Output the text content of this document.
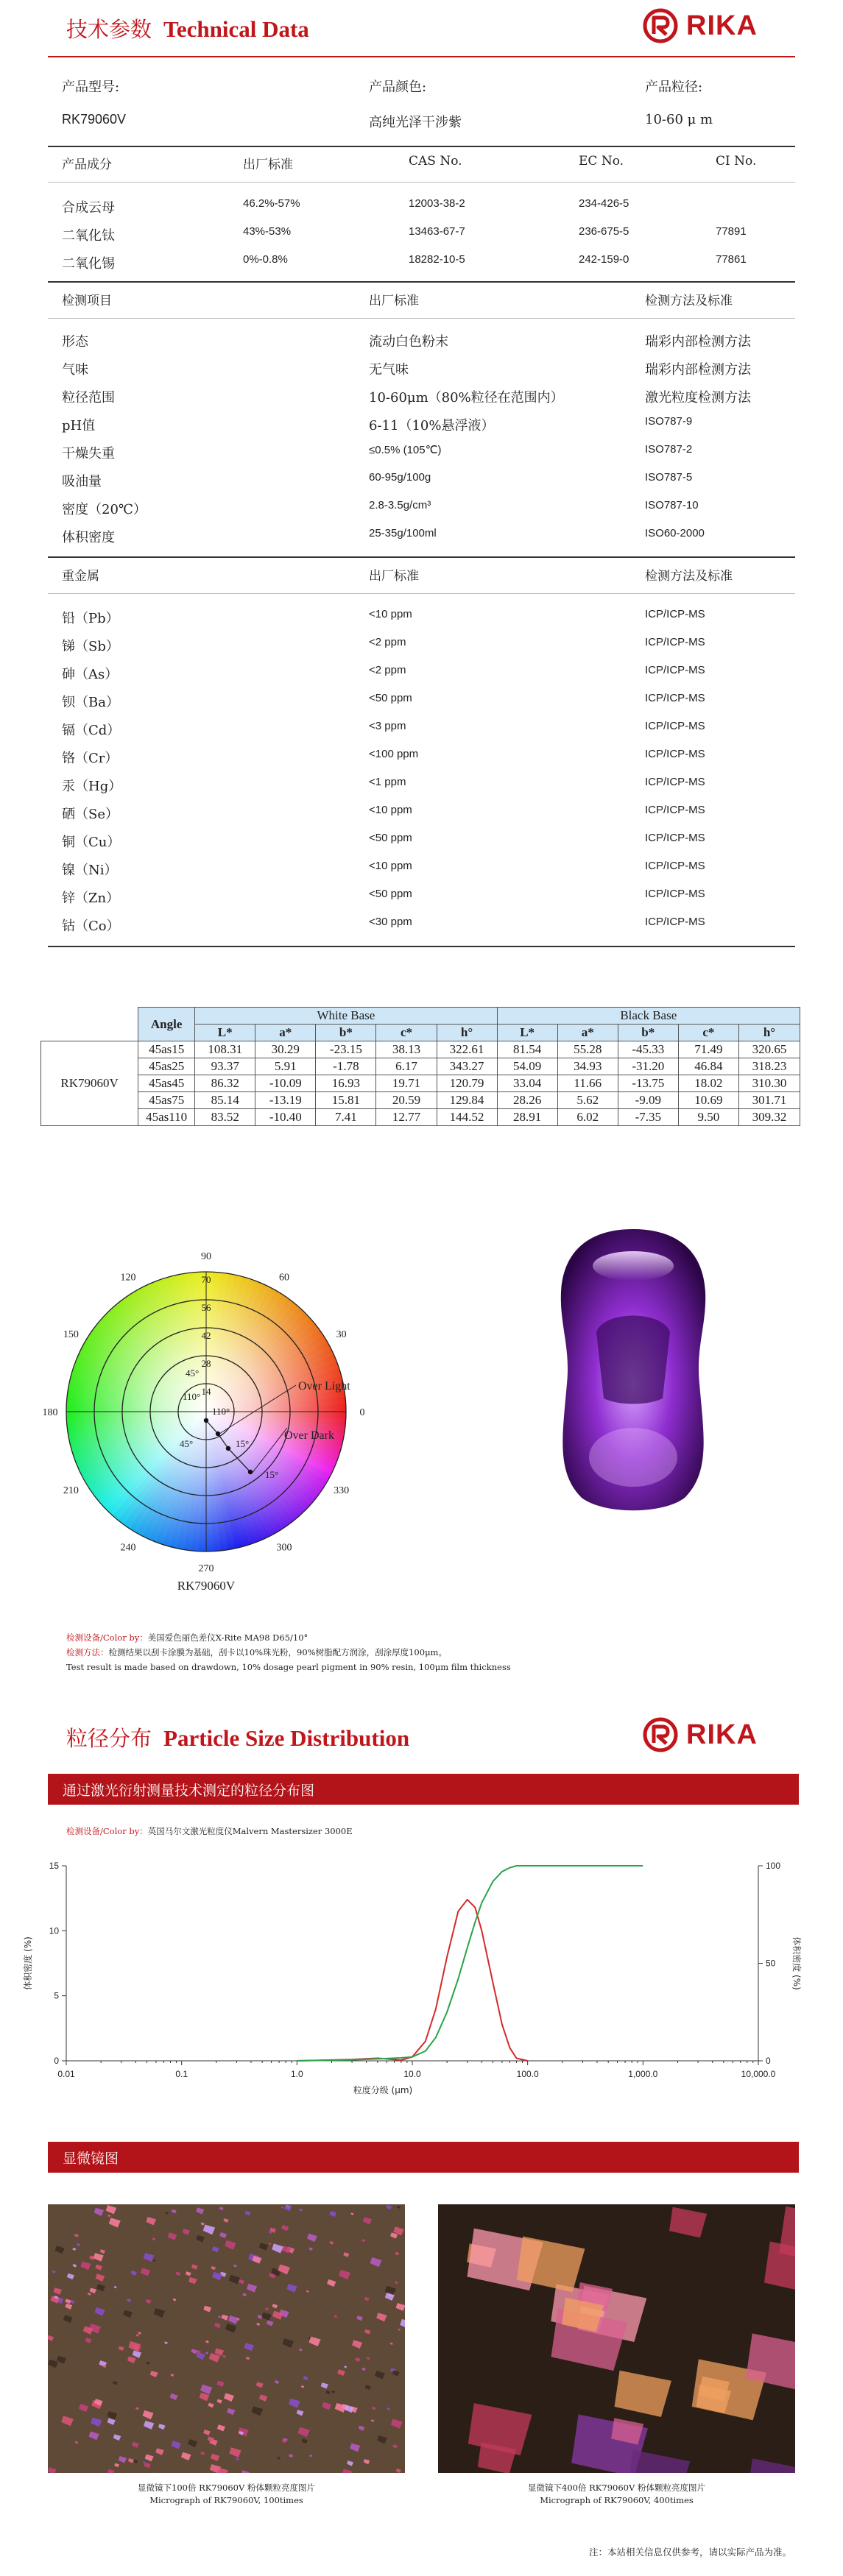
技术参数 Technical Data	RIKA
产品型号:	产品颜色:	产品粒径:
RK79060V	高纯光泽干涉紫	10-60 μ m
产品成分	出厂标准	CAS No.	EC No.	CI No.
合成云母	46.2%-57%	12003-38-2	234-426-5
二氧化钛	43%-53%	13463-67-7	236-675-5	77891
二氧化锡	0%-0.8%	18282-10-5	242-159-0	77861
检测项目	出厂标准	检测方法及标准
形态	流动白色粉末	瑞彩内部检测方法
气味	无气味	瑞彩内部检测方法
粒径范围	10-60μm（80%粒径在范围内）	激光粒度检测方法
pH值	6-11（10%悬浮液）	ISO787-9
干燥失重	≤0.5% (105℃)	ISO787-2
吸油量	60-95g/100g	ISO787-5
密度（20℃）	2.8-3.5g/cm³	ISO787-10
体积密度	25-35g/100ml	ISO60-2000
重金属	出厂标准	检测方法及标准
铅（Pb）	<10 ppm	ICP/ICP-MS
锑（Sb）	<2 ppm	ICP/ICP-MS
砷（As）	<2 ppm	ICP/ICP-MS
钡（Ba）	<50 ppm	ICP/ICP-MS
镉（Cd）	<3 ppm	ICP/ICP-MS
铬（Cr）	<100 ppm	ICP/ICP-MS
汞（Hg）	<1 ppm	ICP/ICP-MS
硒（Se）	<10 ppm	ICP/ICP-MS
铜（Cu）	<50 ppm	ICP/ICP-MS
镍（Ni）	<10 ppm	ICP/ICP-MS
锌（Zn）	<50 ppm	ICP/ICP-MS
钴（Co）	<30 ppm	ICP/ICP-MS
	Angle	White Base					Black Base				
		L*	a*	b*	c*	h°	L*	a*	b*	c*	h°
RK79060V	45as15	108.31	30.29	-23.15	38.13	322.61	81.54	55.28	-45.33	71.49	320.65
	45as25	93.37	5.91	-1.78	6.17	343.27	54.09	34.93	-31.20	46.84	318.23
	45as45	86.32	-10.09	16.93	19.71	120.79	33.04	11.66	-13.75	18.02	310.30
	45as75	85.14	-13.19	15.81	20.59	129.84	28.26	5.62	-9.09	10.69	301.71
	45as110	83.52	-10.40	7.41	12.77	144.52	28.91	6.02	-7.35	9.50	309.32
90
60
30
0
330
300
270
240
210
180
150
120	70
56
42
28
14
45°
110°
110°
15°
45°
15°
Over Light
Over Dark
RK79060V
检测设备/Color by：美国爱色丽色差仪X-Rite MA98 D65/10°
检测方法：检测结果以刮卡涂膜为基础，刮卡以10%珠光粉，90%树脂配方润涂，刮涂厚度100μm。
Test result is made based on drawdown, 10% dosage pearl pigment in 90% resin, 100μm film thickness
粒径分布 Particle Size Distribution	RIKA
通过激光衍射测量技术测定的粒径分布图
检测设备/Color by：英国马尔文激光粒度仪Malvern Mastersizer 3000E
0.01	0.1	1.0	10.0	100.0	1,000.0	10,000.0
0
5
10
15
0
50
100
粒度分级 (μm)
体积密度 (%)	体积密度 (%)
显微镜图
显微镜下100倍 RK79060V 粉体颗粒亮度图片
Micrograph of RK79060V, 100times
显微镜下400倍 RK79060V 粉体颗粒亮度图片
Micrograph of RK79060V, 400times
注：本站相关信息仅供参考，请以实际产品为准。
